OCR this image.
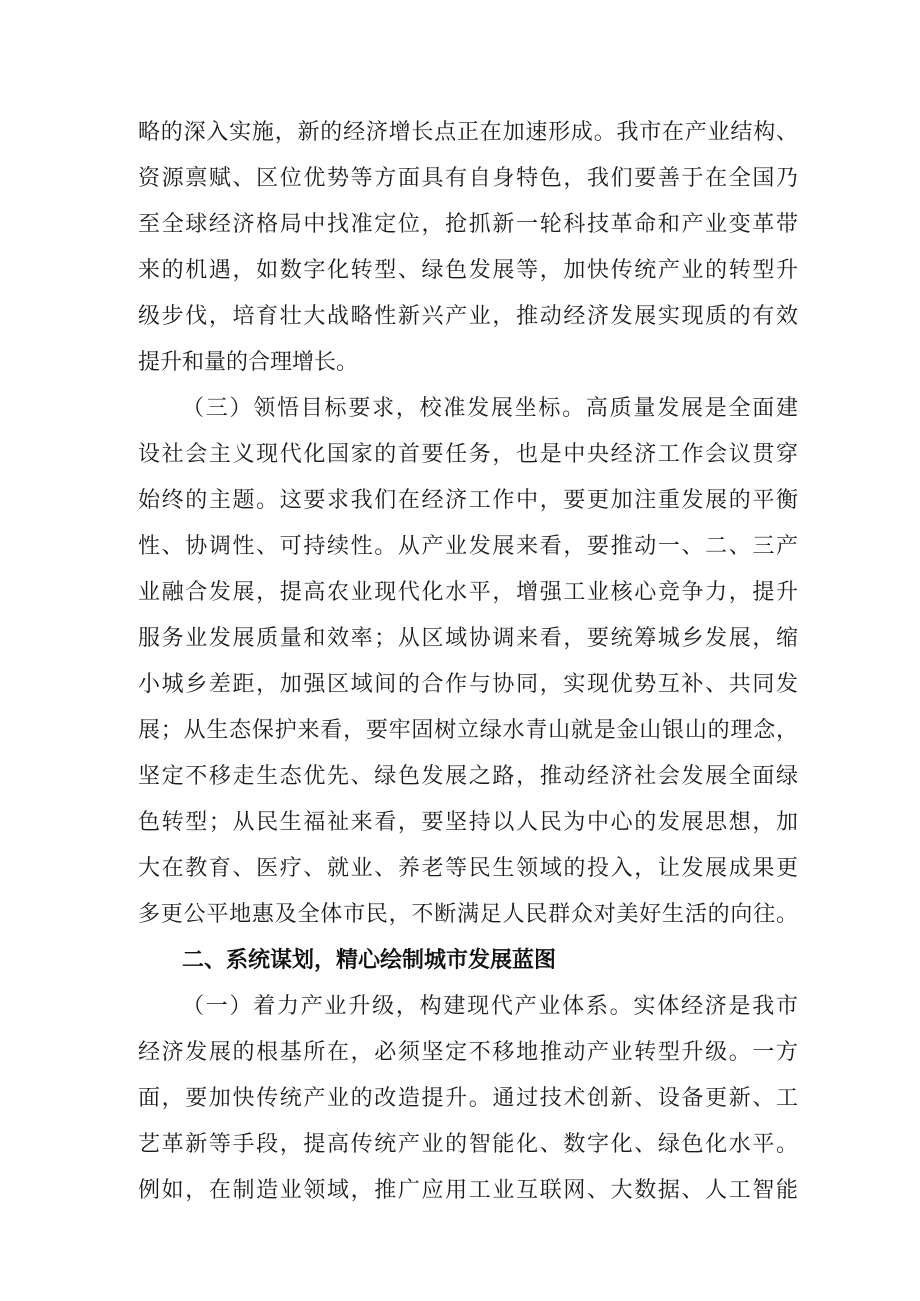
略的深入实施，新的经济增长点正在加速形成。我市在产业结构、
资源禀赋、区位优势等方面具有自身特色，我们要善于在全国乃
至全球经济格局中找准定位，抢抓新一轮科技革命和产业变革带
来的机遇，如数字化转型、绿色发展等，加快传统产业的转型升
级步伐，培育壮大战略性新兴产业，推动经济发展实现质的有效
提升和量的合理增长。
（三）领悟目标要求，校准发展坐标。高质量发展是全面建
设社会主义现代化国家的首要任务，也是中央经济工作会议贯穿
始终的主题。这要求我们在经济工作中，要更加注重发展的平衡
性、协调性、可持续性。从产业发展来看，要推动一、二、三产
业融合发展，提高农业现代化水平，增强工业核心竞争力，提升
服务业发展质量和效率；从区域协调来看，要统筹城乡发展，缩
小城乡差距，加强区域间的合作与协同，实现优势互补、共同发
展；从生态保护来看，要牢固树立绿水青山就是金山银山的理念，
坚定不移走生态优先、绿色发展之路，推动经济社会发展全面绿
色转型；从民生福祉来看，要坚持以人民为中心的发展思想，加
大在教育、医疗、就业、养老等民生领域的投入，让发展成果更
多更公平地惠及全体市民，不断满足人民群众对美好生活的向往。
二、系统谋划，精心绘制城市发展蓝图
（一）着力产业升级，构建现代产业体系。实体经济是我市
经济发展的根基所在，必须坚定不移地推动产业转型升级。一方
面，要加快传统产业的改造提升。通过技术创新、设备更新、工
艺革新等手段，提高传统产业的智能化、数字化、绿色化水平。
例如，在制造业领域，推广应用工业互联网、大数据、人工智能
